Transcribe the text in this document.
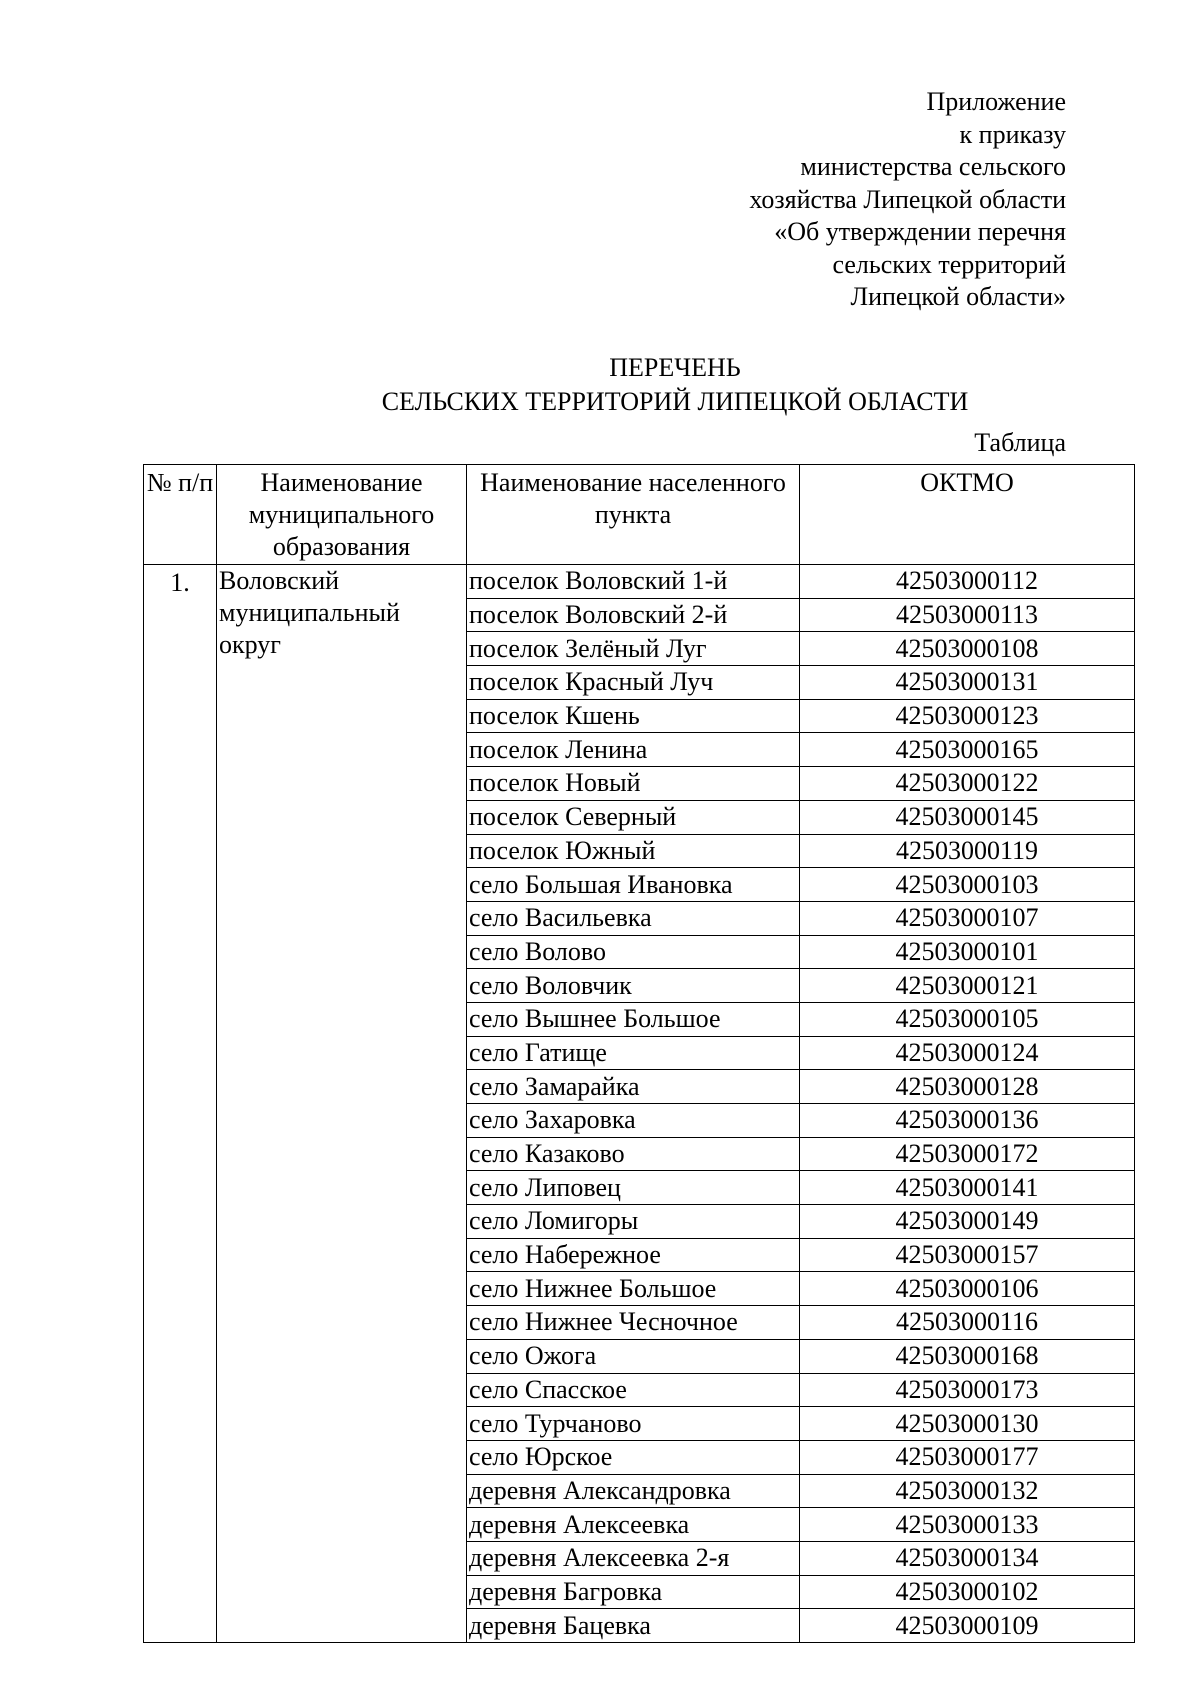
Приложение
к приказу
министерства сельского
хозяйства Липецкой области
«Об утверждении перечня
сельских территорий
Липецкой области»
ПЕРЕЧЕНЬ
СЕЛЬСКИХ ТЕРРИТОРИЙ ЛИПЕЦКОЙ ОБЛАСТИ
Таблица
№ п/п	Наименование муниципального образования	Наименование населенного пункта	ОКТМО
1.	Воловский муниципальный округ	поселок Воловский 1-й	42503000112
		поселок Воловский 2-й	42503000113
		поселок Зелёный Луг	42503000108
		поселок Красный Луч	42503000131
		поселок Кшень	42503000123
		поселок Ленина	42503000165
		поселок Новый	42503000122
		поселок Северный	42503000145
		поселок Южный	42503000119
		село Большая Ивановка	42503000103
		село Васильевка	42503000107
		село Волово	42503000101
		село Воловчик	42503000121
		село Вышнее Большое	42503000105
		село Гатище	42503000124
		село Замарайка	42503000128
		село Захаровка	42503000136
		село Казаково	42503000172
		село Липовец	42503000141
		село Ломигоры	42503000149
		село Набережное	42503000157
		село Нижнее Большое	42503000106
		село Нижнее Чесночное	42503000116
		село Ожога	42503000168
		село Спасское	42503000173
		село Турчаново	42503000130
		село Юрское	42503000177
		деревня Александровка	42503000132
		деревня Алексеевка	42503000133
		деревня Алексеевка 2-я	42503000134
		деревня Багровка	42503000102
		деревня Бацевка	42503000109
